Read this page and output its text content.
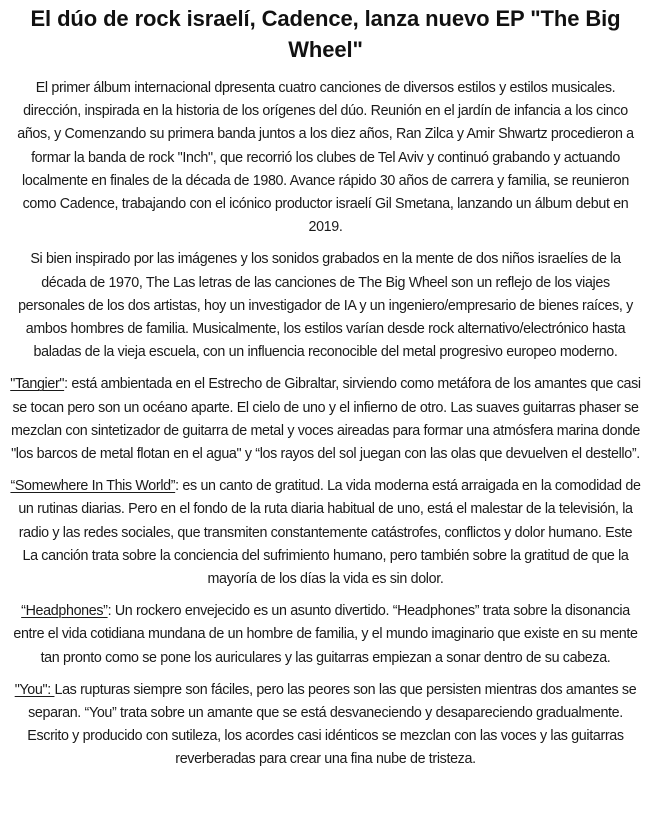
El dúo de rock israelí, Cadence, lanza nuevo EP "The Big Wheel"

El primer álbum internacional dpresenta cuatro canciones de diversos estilos y estilos musicales. dirección, inspirada en la historia de los orígenes del dúo. Reunión en el jardín de infancia a los cinco años, y Comenzando su primera banda juntos a los diez años, Ran Zilca y Amir Shwartz procedieron a formar la banda de rock "Inch", que recorrió los clubes de Tel Aviv y continuó grabando y actuando localmente en finales de la década de 1980. Avance rápido 30 años de carrera y familia, se reunieron como Cadence, trabajando con el icónico productor israelí Gil Smetana, lanzando un álbum debut en 2019.

Si bien inspirado por las imágenes y los sonidos grabados en la mente de dos niños israelíes de la década de 1970, The Las letras de las canciones de The Big Wheel son un reflejo de los viajes personales de los dos artistas, hoy un investigador de IA y un ingeniero/empresario de bienes raíces, y ambos hombres de familia. Musicalmente, los estilos varían desde rock alternativo/electrónico hasta baladas de la vieja escuela, con un influencia reconocible del metal progresivo europeo moderno.

"Tangier": está ambientada en el Estrecho de Gibraltar, sirviendo como metáfora de los amantes que casi se tocan pero son un océano aparte. El cielo de uno y el infierno de otro. Las suaves guitarras phaser se mezclan con sintetizador de guitarra de metal y voces aireadas para formar una atmósfera marina donde "los barcos de metal flotan en el agua" y “los rayos del sol juegan con las olas que devuelven el destello”.

“Somewhere In This World”: es un canto de gratitud. La vida moderna está arraigada en la comodidad de un rutinas diarias. Pero en el fondo de la ruta diaria habitual de uno, está el malestar de la televisión, la radio y las redes sociales, que transmiten constantemente catástrofes, conflictos y dolor humano. Este La canción trata sobre la conciencia del sufrimiento humano, pero también sobre la gratitud de que la mayoría de los días la vida es sin dolor.

“Headphones”: Un rockero envejecido es un asunto divertido. “Headphones” trata sobre la disonancia entre el vida cotidiana mundana de un hombre de familia, y el mundo imaginario que existe en su mente tan pronto como se pone los auriculares y las guitarras empiezan a sonar dentro de su cabeza.

"You": Las rupturas siempre son fáciles, pero las peores son las que persisten mientras dos amantes se separan. “You” trata sobre un amante que se está desvaneciendo y desapareciendo gradualmente. Escrito y producido con sutileza, los acordes casi idénticos se mezclan con las voces y las guitarras reverberadas para crear una fina nube de tristeza.
